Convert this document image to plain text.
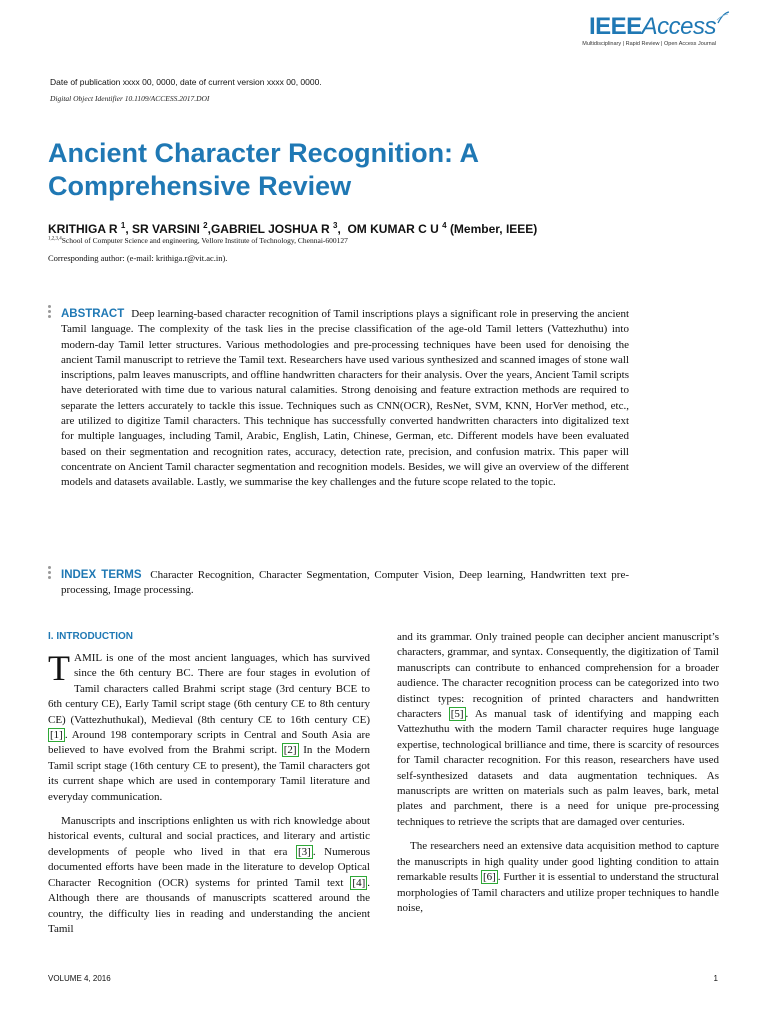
IEEEAccess
Multidisciplinary | Rapid Review | Open Access Journal
Date of publication xxxx 00, 0000, date of current version xxxx 00, 0000.
Digital Object Identifier 10.1109/ACCESS.2017.DOI
Ancient Character Recognition: A Comprehensive Review
KRITHIGA R $^1$, SR VARSINI $^2$,GABRIEL JOSHUA R $^3$,  OM KUMAR C U $^4$ (Member, IEEE)
$^{1,2,3,4}$School of Computer Science and engineering, Vellore Institute of Technology, Chennai-600127
Corresponding author: (e-mail: krithiga.r@vit.ac.in).
ABSTRACT Deep learning-based character recognition of Tamil inscriptions plays a significant role in preserving the ancient Tamil language. The complexity of the task lies in the precise classification of the age-old Tamil letters (Vattezhuthu) into modern-day Tamil letter structures. Various methodologies and pre-processing techniques have been used for denoising the ancient Tamil manuscript to retrieve the Tamil text. Researchers have used various synthesized and scanned images of stone wall inscriptions, palm leaves manuscripts, and offline handwritten characters for their analysis. Over the years, Ancient Tamil scripts have deteriorated with time due to various natural calamities. Strong denoising and feature extraction methods are required to separate the letters accurately to tackle this issue. Techniques such as CNN(OCR), ResNet, SVM, KNN, HorVer method, etc., are utilized to digitize Tamil characters. This technique has successfully converted handwritten characters into digitalized text for multiple languages, including Tamil, Arabic, English, Latin, Chinese, German, etc. Different models have been evaluated based on their segmentation and recognition rates, accuracy, detection rate, precision, and confusion matrix. This paper will concentrate on Ancient Tamil character segmentation and recognition models. Besides, we will give an overview of the different models and datasets available. Lastly, we summarise the key challenges and the future scope related to the topic.
INDEX TERMS Character Recognition, Character Segmentation, Computer Vision, Deep learning, Handwritten text pre-processing, Image processing.
I. INTRODUCTION

TAMIL is one of the most ancient languages, which has survived since the 6th century BC. There are four stages in evolution of Tamil characters called Brahmi script stage (3rd century BCE to 6th century CE), Early Tamil script stage (6th century CE to 8th century CE) (Vattezhuthukal), Medieval (8th century CE to 16th century CE) [1] . Around 198 contemporary scripts in Central and South Asia are believed to have evolved from the Brahmi script. [2] In the Modern Tamil script stage (16th century CE to present), the Tamil characters got its current shape which are used in contemporary Tamil literature and everyday communication.

Manuscripts and inscriptions enlighten us with rich knowledge about historical events, cultural and social practices, and literary and artistic developments of people who lived in that era [3] . Numerous documented efforts have been made in the literature to develop Optical Character Recognition (OCR) systems for printed Tamil text [4] . Although there are thousands of manuscripts scattered around the country, the difficulty lies in reading and understanding the ancient Tamil

and its grammar. Only trained people can decipher ancient manuscript’s characters, grammar, and syntax. Consequently, the digitization of Tamil manuscripts can contribute to enhanced comprehension for a broader audience. The character recognition process can be categorized into two distinct types: recognition of printed characters and handwritten characters [5] . As manual task of identifying and mapping each Vattezhuthu with the modern Tamil character requires huge language expertise, technological brilliance and time, there is scarcity of resources for Tamil character recognition. For this reason, researchers have used self-synthesized datasets and data augmentation techniques. As manuscripts are written on materials such as palm leaves, bark, metal plates and parchment, there is a need for unique pre-processing techniques to retrieve the scripts that are damaged over centuries.

The researchers need an extensive data acquisition method to capture the manuscripts in high quality under good lighting condition to attain remarkable results [6] . Further it is essential to understand the structural morphologies of Tamil characters and utilize proper techniques to handle noise,

VOLUME 4, 2016	1
